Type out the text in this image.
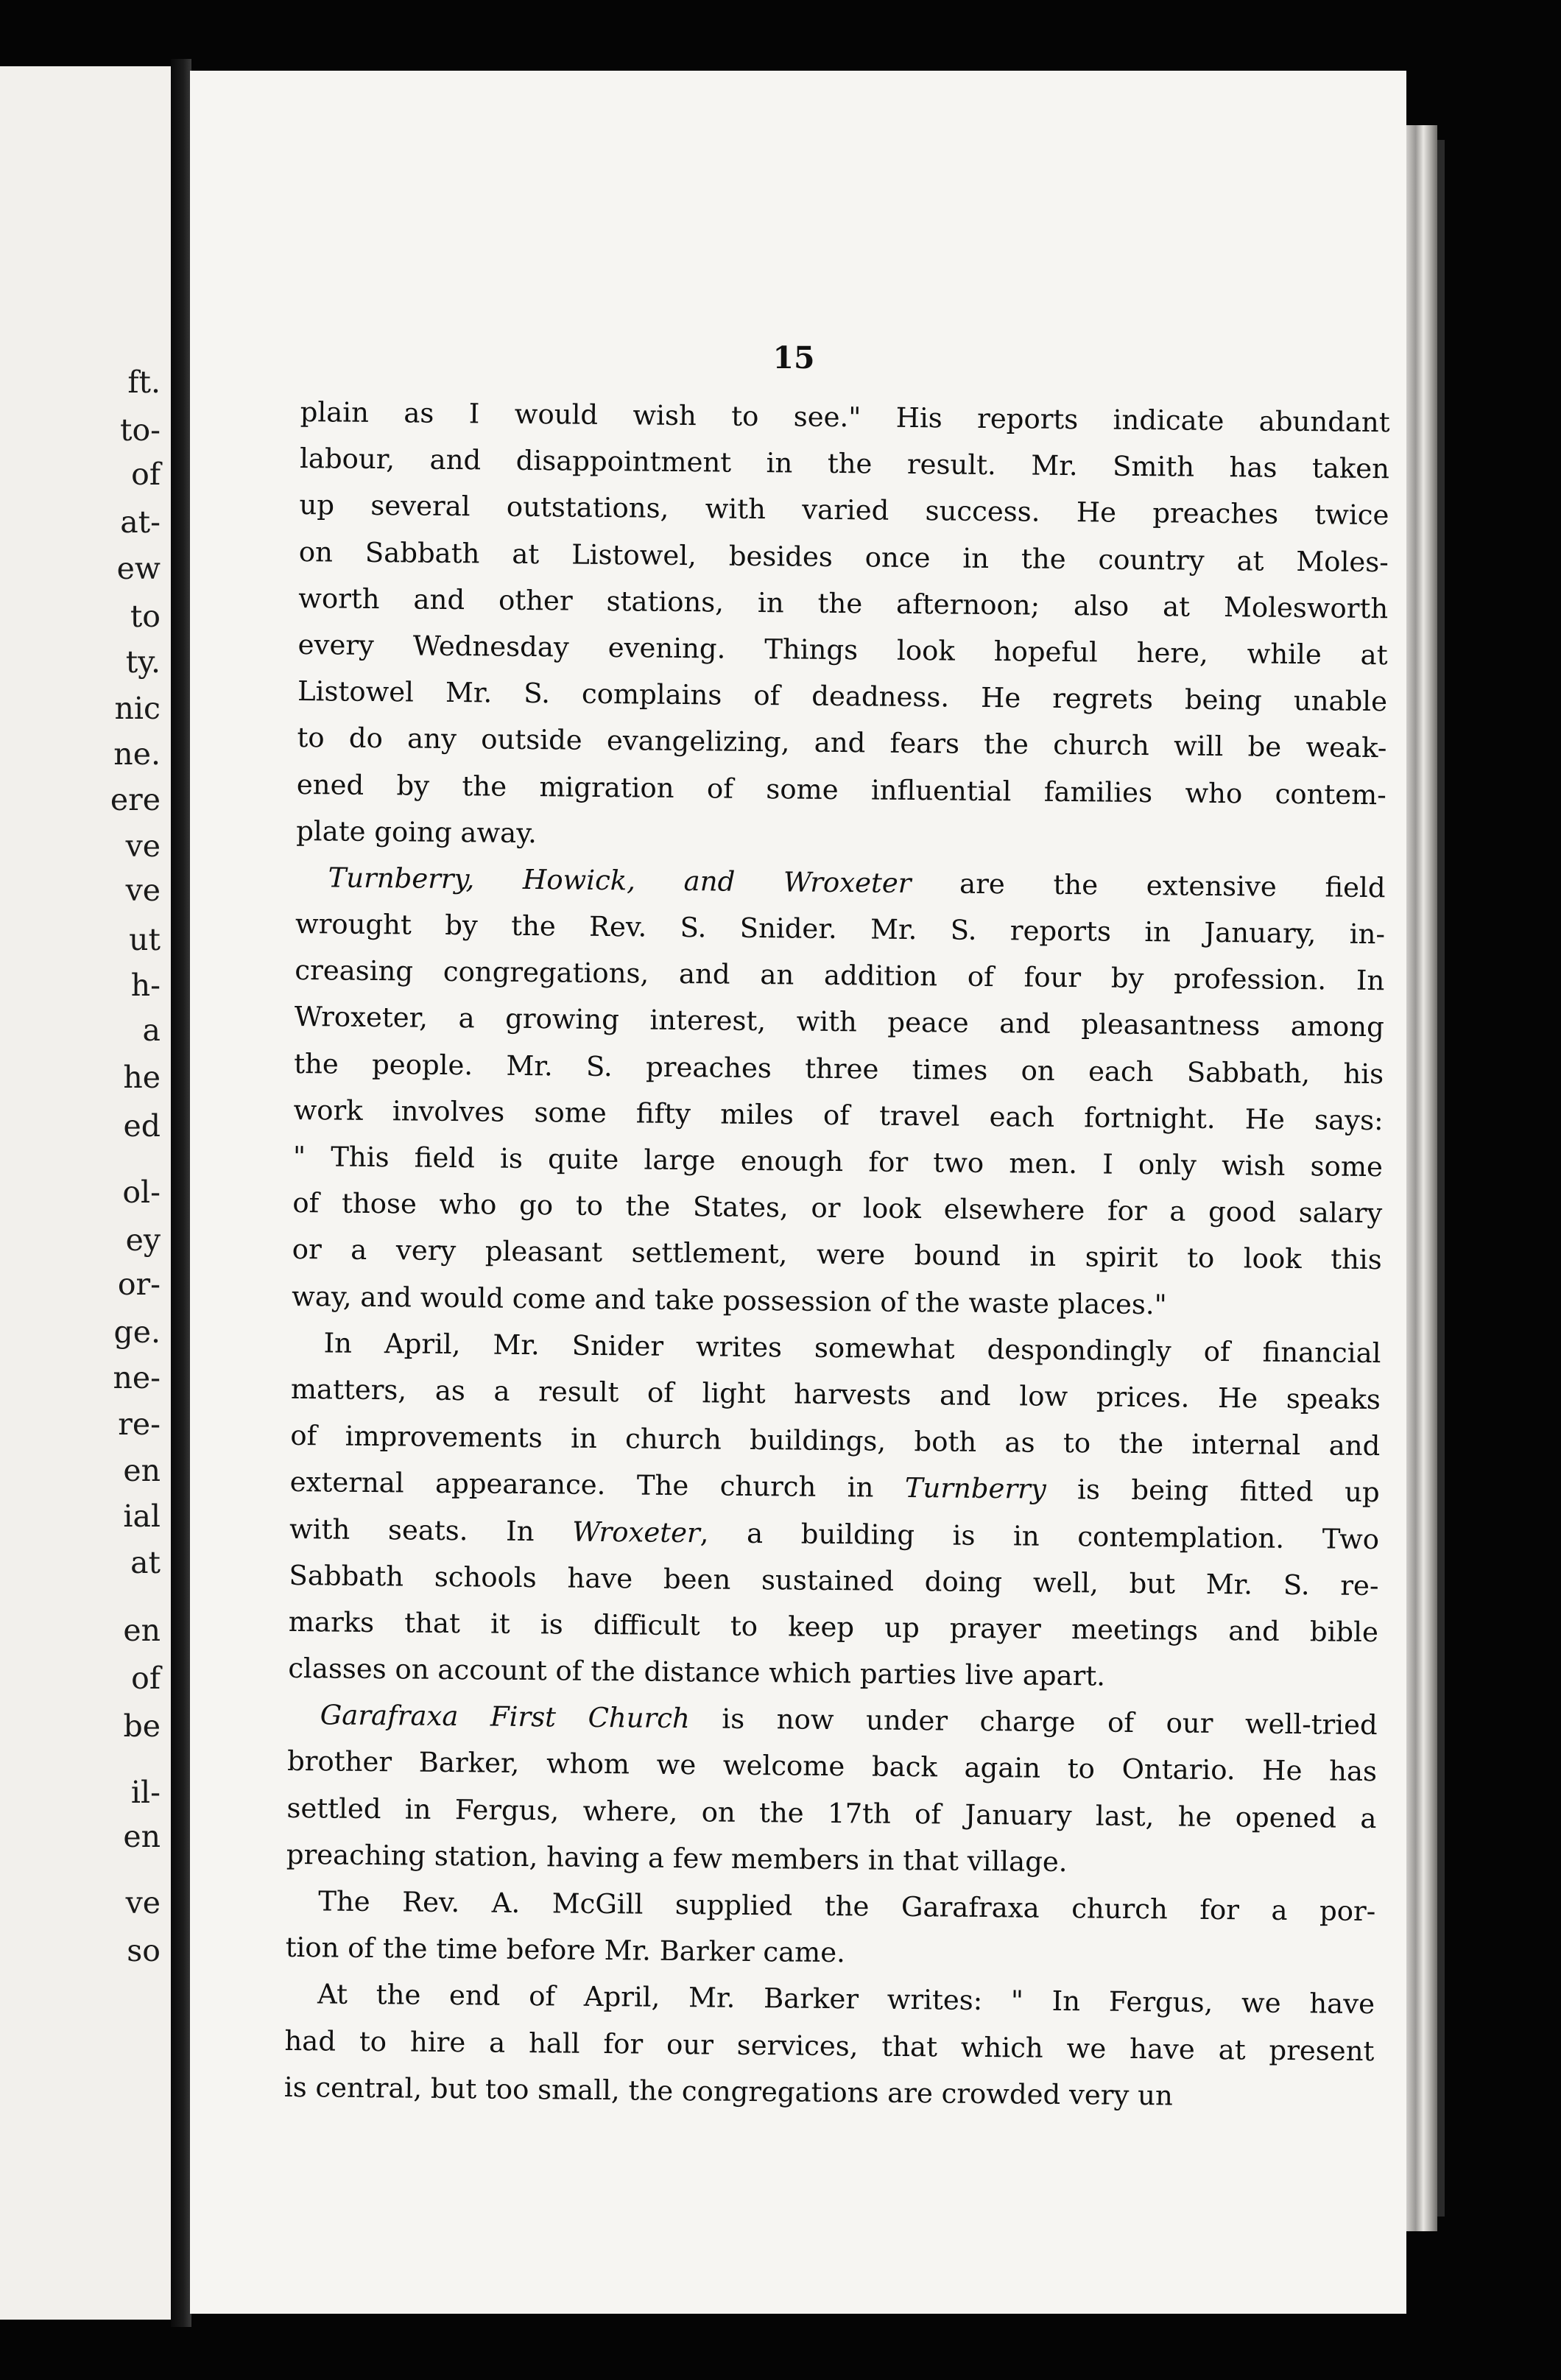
ft.
to-
of
at-
ew
to
ty.
nic
ne.
ere
ve
ve
ut
h-
a
he
ed
ol-
ey
or-
ge.
ne-
re-
en
ial
at
en
of
be
il-
en
ve
so
15
plain as I would wish to see." His reports indicate abundant
labour, and disappointment in the result. Mr. Smith has taken
up several outstations, with varied success. He preaches twice
on Sabbath at Listowel, besides once in the country at Moles-
worth and other stations, in the afternoon; also at Molesworth
every Wednesday evening. Things look hopeful here, while at
Listowel Mr. S. complains of deadness. He regrets being unable
to do any outside evangelizing, and fears the church will be weak-
ened by the migration of some influential families who contem-
plate going away.
Turnberry, Howick, and Wroxeter are the extensive field
wrought by the Rev. S. Snider. Mr. S. reports in January, in-
creasing congregations, and an addition of four by profession. In
Wroxeter, a growing interest, with peace and pleasantness among
the people. Mr. S. preaches three times on each Sabbath, his
work involves some fifty miles of travel each fortnight. He says:
" This field is quite large enough for two men. I only wish some
of those who go to the States, or look elsewhere for a good salary
or a very pleasant settlement, were bound in spirit to look this
way, and would come and take possession of the waste places."
In April, Mr. Snider writes somewhat despondingly of financial
matters, as a result of light harvests and low prices. He speaks
of improvements in church buildings, both as to the internal and
external appearance. The church in Turnberry is being fitted up
with seats. In Wroxeter, a building is in contemplation. Two
Sabbath schools have been sustained doing well, but Mr. S. re-
marks that it is difficult to keep up prayer meetings and bible
classes on account of the distance which parties live apart.
Garafraxa First Church is now under charge of our well-tried
brother Barker, whom we welcome back again to Ontario. He has
settled in Fergus, where, on the 17th of January last, he opened a
preaching station, having a few members in that village.
The Rev. A. McGill supplied the Garafraxa church for a por-
tion of the time before Mr. Barker came.
At the end of April, Mr. Barker writes: " In Fergus, we have
had to hire a hall for our services, that which we have at present
is central, but too small, the congregations are crowded very un
